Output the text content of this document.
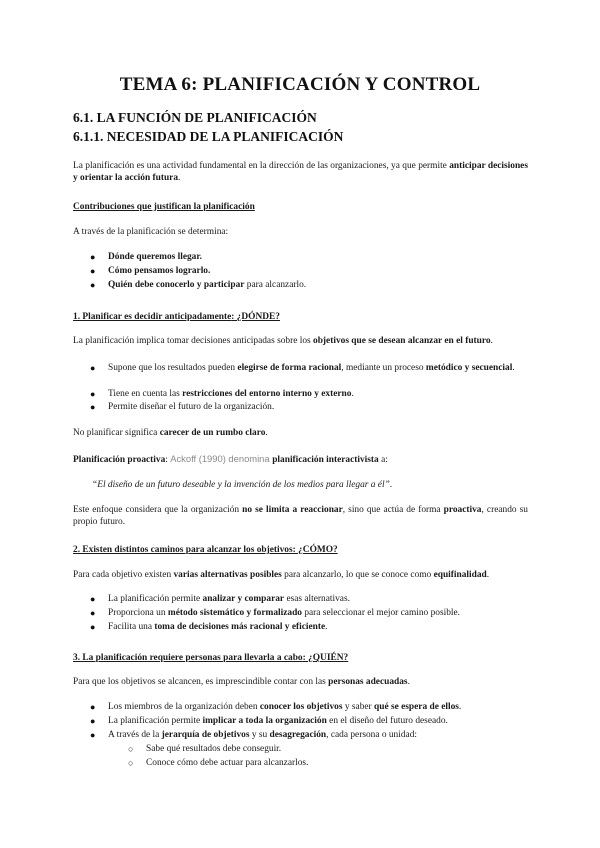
TEMA 6: PLANIFICACIÓN Y CONTROL
6.1. LA FUNCIÓN DE PLANIFICACIÓN
6.1.1. NECESIDAD DE LA PLANIFICACIÓN
La planificación es una actividad fundamental en la dirección de las organizaciones, ya que permite anticipar decisiones y orientar la acción futura.
Contribuciones que justifican la planificación
A través de la planificación se determina:
● Dónde queremos llegar.
● Cómo pensamos lograrlo.
● Quién debe conocerlo y participar para alcanzarlo.
1. Planificar es decidir anticipadamente: ¿DÓNDE?
La planificación implica tomar decisiones anticipadas sobre los objetivos que se desean alcanzar en el futuro.
● Supone que los resultados pueden elegirse de forma racional, mediante un proceso metódico y secuencial.
● Tiene en cuenta las restricciones del entorno interno y externo.
● Permite diseñar el futuro de la organización.
No planificar significa carecer de un rumbo claro.
Planificación proactiva: Ackoff (1990) denomina planificación interactivista a:
“El diseño de un futuro deseable y la invención de los medios para llegar a él”.
Este enfoque considera que la organización no se limita a reaccionar, sino que actúa de forma proactiva, creando su propio futuro.
2. Existen distintos caminos para alcanzar los objetivos: ¿CÓMO?
Para cada objetivo existen varias alternativas posibles para alcanzarlo, lo que se conoce como equifinalidad.
● La planificación permite analizar y comparar esas alternativas.
● Proporciona un método sistemático y formalizado para seleccionar el mejor camino posible.
● Facilita una toma de decisiones más racional y eficiente.
3. La planificación requiere personas para llevarla a cabo: ¿QUIÉN?
Para que los objetivos se alcancen, es imprescindible contar con las personas adecuadas.
● Los miembros de la organización deben conocer los objetivos y saber qué se espera de ellos.
● La planificación permite implicar a toda la organización en el diseño del futuro deseado.
● A través de la jerarquía de objetivos y su desagregación, cada persona o unidad:
○ Sabe qué resultados debe conseguir.
○ Conoce cómo debe actuar para alcanzarlos.
